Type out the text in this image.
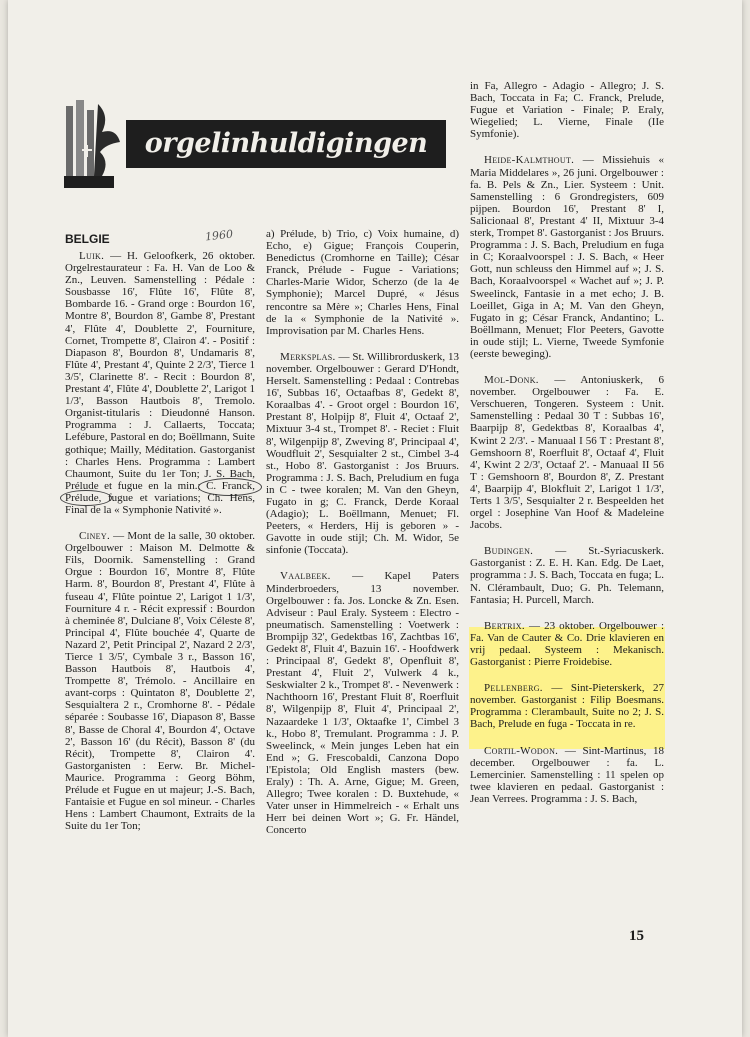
orgelinhuldigingen
BELGIE	1960

Luik. — H. Geloofkerk, 26 oktober. Orgelrestaurateur : Fa. H. Van de Loo & Zn., Leuven. Samenstelling : Pédale : Sousbasse 16', Flûte 16', Flûte 8', Bombarde 16. - Grand orge : Bourdon 16', Montre 8', Bourdon 8', Gambe 8', Prestant 4', Flûte 4', Doublette 2', Fourniture, Cornet, Trompette 8', Clairon 4'. - Positif : Diapason 8', Bourdon 8', Undamaris 8', Flûte 4', Prestant 4', Quinte 2 2/3', Tierce 1 3/5', Clarinette 8'. - Recit : Bourdon 8', Prestant 4', Flûte 4', Doublette 2', Larigot 1 1/3', Basson Hautbois 8', Tremolo. Organist-titularis : Dieudonné Hanson. Programma : J. Callaerts, Toccata; Lefébure, Pastoral en do; Boëllmann, Suite gothique; Mailly, Méditation. Gastorganist : Charles Hens. Programma : Lambert Chaumont, Suite du 1er Ton; J. S. Bach, Prélude et fugue en la min.; C. Franck, Prélude, fugue et variations; Ch. Hens, Final de la « Symphonie Nativité ».

Ciney. — Mont de la salle, 30 oktober. Orgelbouwer : Maison M. Delmotte & Fils, Doornik. Samenstelling : Grand Orgue : Bourdon 16', Montre 8', Flûte Harm. 8', Bourdon 8', Prestant 4', Flûte à fuseau 4', Flûte pointue 2', Larigot 1 1/3', Fourniture 4 r. - Récit expressif : Bourdon à cheminée 8', Dulciane 8', Voix Céleste 8', Principal 4', Flûte bouchée 4', Quarte de Nazard 2', Petit Principal 2', Nazard 2 2/3', Tierce 1 3/5', Cymbale 3 r., Basson 16', Basson Hautbois 8', Hautbois 4', Trompette 8', Trémolo. - Ancillaire en avant-corps : Quintaton 8', Doublette 2', Sesquialtera 2 r., Cromhorne 8'. - Pédale séparée : Soubasse 16', Diapason 8', Basse 8', Basse de Choral 4', Bourdon 4', Octave 2', Basson 16' (du Récit), Basson 8' (du Récit), Trompette 8', Clairon 4'. Gastorganisten : Eerw. Br. Michel-Maurice. Programma : Georg Böhm, Prélude et Fugue en ut majeur; J.-S. Bach, Fantaisie et Fugue en sol mineur. - Charles Hens : Lambert Chaumont, Extraits de la Suite du 1er Ton;

a) Prélude, b) Trio, c) Voix humaine, d) Echo, e) Gigue; François Couperin, Benedictus (Cromhorne en Taille); César Franck, Prélude - Fugue - Variations; Charles-Marie Widor, Scherzo (de la 4e Symphonie); Marcel Dupré, « Jésus rencontre sa Mère »; Charles Hens, Final de la « Symphonie de la Nativité ». Improvisation par M. Charles Hens.

Merksplas. — St. Willibrorduskerk, 13 november. Orgelbouwer : Gerard D'Hondt, Herselt. Samenstelling : Pedaal : Contrebas 16', Subbas 16', Octaafbas 8', Gedekt 8', Koraalbas 4'. - Groot orgel : Bourdon 16', Prestant 8', Holpijp 8', Fluit 4', Octaaf 2', Mixtuur 3-4 st., Trompet 8'. - Reciet : Fluit 8', Wilgenpijp 8', Zweving 8', Principaal 4', Woudfluit 2', Sesquialter 2 st., Cimbel 3-4 st., Hobo 8'. Gastorganist : Jos Bruurs. Programma : J. S. Bach, Preludium en fuga in C - twee koralen; M. Van den Gheyn, Fugato in g; C. Franck, Derde Koraal (Adagio); L. Boëllmann, Menuet; Fl. Peeters, « Herders, Hij is geboren » - Gavotte in oude stijl; Ch. M. Widor, 5e sinfonie (Toccata).

Vaalbeek. — Kapel Paters Minderbroeders, 13 november. Orgelbouwer : fa. Jos. Loncke & Zn. Esen. Adviseur : Paul Eraly. Systeem : Electro - pneumatisch. Samenstelling : Voetwerk : Brompijp 32', Gedektbas 16', Zachtbas 16', Gedekt 8', Fluit 4', Bazuin 16'. - Hoofdwerk : Principaal 8', Gedekt 8', Openfluit 8', Prestant 4', Fluit 2', Vulwerk 4 k., Seskwialter 2 k., Trompet 8'. - Nevenwerk : Nachthoorn 16', Prestant Fluit 8', Roerfluit 8', Wilgenpijp 8', Fluit 4', Principaal 2', Nazaardeke 1 1/3', Oktaafke 1', Cimbel 3 k., Hobo 8', Tremulant. Programma : J. P. Sweelinck, « Mein junges Leben hat ein End »; G. Frescobaldi, Canzona Dopo l'Epistola; Old English masters (bew. Eraly) : Th. A. Arne, Gigue; M. Green, Allegro; Twee koralen : D. Buxtehude, « Vater unser in Himmelreich - « Erhalt uns Herr bei deinen Wort »; G. Fr. Händel, Concerto

in Fa, Allegro - Adagio - Allegro; J. S. Bach, Toccata in Fa; C. Franck, Prelude, Fugue et Variation - Finale; P. Eraly, Wiegelied; L. Vierne, Finale (IIe Symfonie).

Heide-Kalmthout. — Missiehuis « Maria Middelares », 26 juni. Orgelbouwer : fa. B. Pels & Zn., Lier. Systeem : Unit. Samenstelling : 6 Grondregisters, 609 pijpen. Bourdon 16', Prestant 8' I, Salicionaal 8', Prestant 4' II, Mixtuur 3-4 sterk, Trompet 8'. Gastorganist : Jos Bruurs. Programma : J. S. Bach, Preludium en fuga in C; Koraalvoorspel : J. S. Bach, « Heer Gott, nun schleuss den Himmel auf »; J. S. Bach, Koraalvoorspel « Wachet auf »; J. P. Sweelinck, Fantasie in a met echo; J. B. Loeillet, Giga in A; M. Van den Gheyn, Fugato in g; César Franck, Andantino; L. Boëllmann, Menuet; Flor Peeters, Gavotte in oude stijl; L. Vierne, Tweede Symfonie (eerste beweging).

Mol-Donk. — Antoniuskerk, 6 november. Orgelbouwer : Fa. E. Verschueren, Tongeren. Systeem : Unit. Samenstelling : Pedaal 30 T : Subbas 16', Baarpijp 8', Gedektbas 8', Koraalbas 4', Kwint 2 2/3'. - Manuaal I 56 T : Prestant 8', Gemshoorn 8', Roerfluit 8', Octaaf 4', Fluit 4', Kwint 2 2/3', Octaaf 2'. - Manuaal II 56 T : Gemshoorn 8', Bourdon 8', Z. Prestant 4', Baarpijp 4', Blokfluit 2', Larigot 1 1/3', Terts 1 3/5', Sesquialter 2 r. Bespeelden het orgel : Josephine Van Hoof & Madeleine Jacobs.

Budingen. — St.-Syriacuskerk. Gastorganist : Z. E. H. Kan. Edg. De Laet, programma : J. S. Bach, Toccata en fuga; L. N. Clérambault, Duo; G. Ph. Telemann, Fantasia; H. Purcell, March.

Bertrix. — 23 oktober. Orgelbouwer : Fa. Van de Cauter & Co. Drie klavieren en vrij pedaal. Systeem : Mekanisch. Gastorganist : Pierre Froidebise.

Pellenberg. — Sint-Pieterskerk, 27 november. Gastorganist : Filip Boesmans. Programma : Clerambault, Suite no 2; J. S. Bach, Prelude en fuga - Toccata in re.

Cortil-Wodon. — Sint-Martinus, 18 december. Orgelbouwer : fa. L. Lemercinier. Samenstelling : 11 spelen op twee klavieren en pedaal. Gastorganist : Jean Verrees. Programma : J. S. Bach,

15
